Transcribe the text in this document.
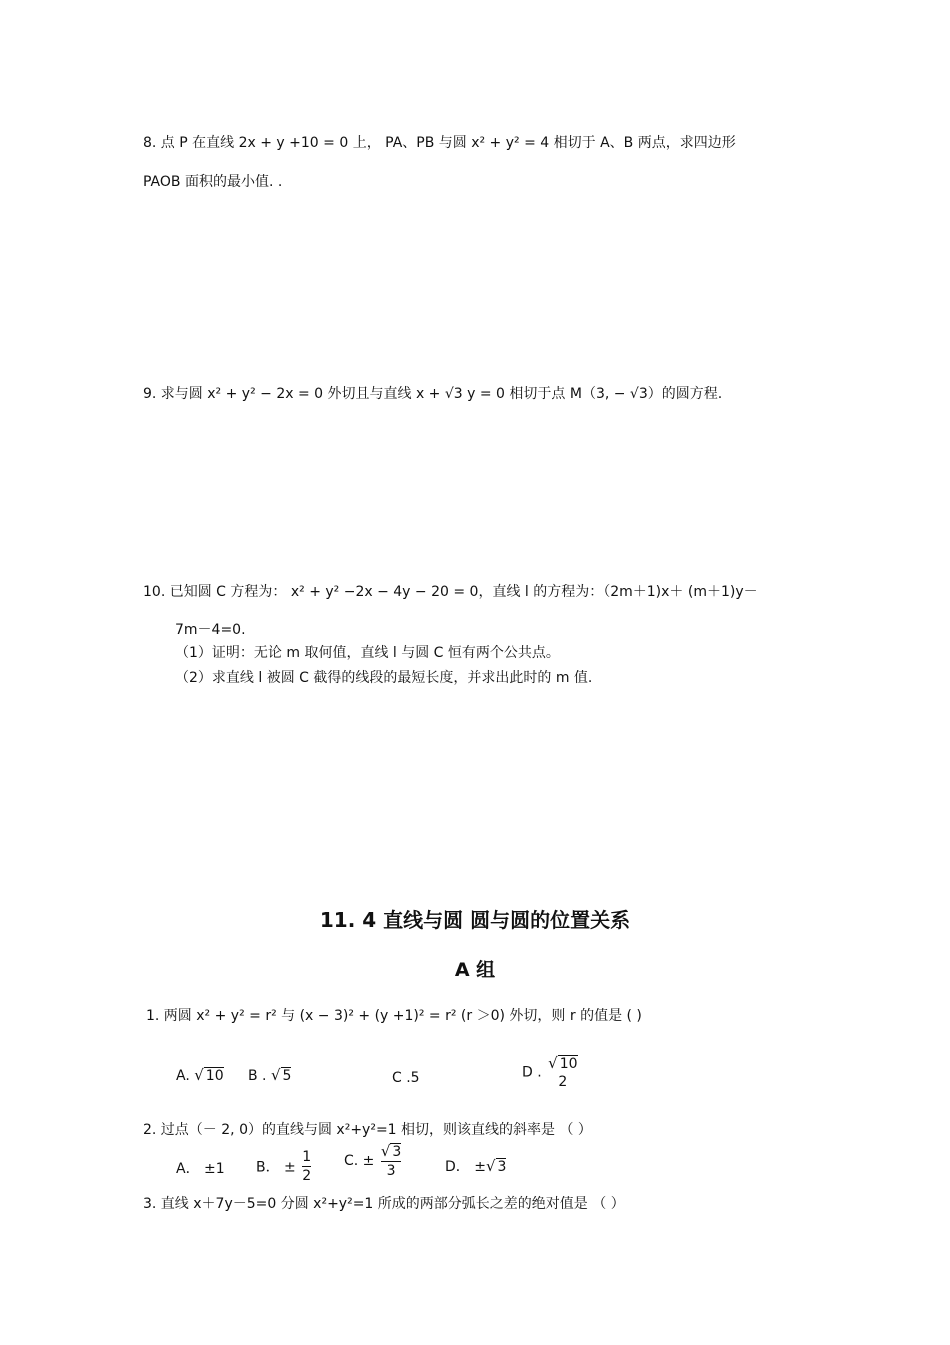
8. 点 P 在直线 2x + y +10 = 0 上， PA、PB 与圆 x² + y² = 4 相切于 A、B 两点，求四边形
PAOB 面积的最小值. .
9. 求与圆 x² + y² − 2x = 0 外切且与直线 x + √3 y = 0 相切于点 M（3, − √3）的圆方程.
10. 已知圆 C 方程为： x² + y² −2x − 4y − 20 = 0，直线 l 的方程为：（2m＋1)x＋ (m＋1)y－
7m－4=0.
（1）证明：无论 m 取何值，直线 l 与圆 C 恒有两个公共点。
（2）求直线 l 被圆 C 截得的线段的最短长度，并求出此时的 m 值.
11. 4 直线与圆 圆与圆的位置关系
A 组
1. 两圆 x² + y² = r² 与 (x − 3)² + (y +1)² = r² (r ＞0) 外切，则 r 的值是 ( )
A. √ 10 B . √ 5	C .5	D .
√ 10
2
2. 过点（－ 2, 0）的直线与圆 x²+y²=1 相切，则该直线的斜率是 （ ）
A． ±1 B． ± $\frac{1}{2} C$. ± $\frac{√ 3}{3}$	D． ±√ 3
3. 直线 x＋7y－5=0 分圆 x²+y²=1 所成的两部分弧长之差的绝对值是 （ ）
